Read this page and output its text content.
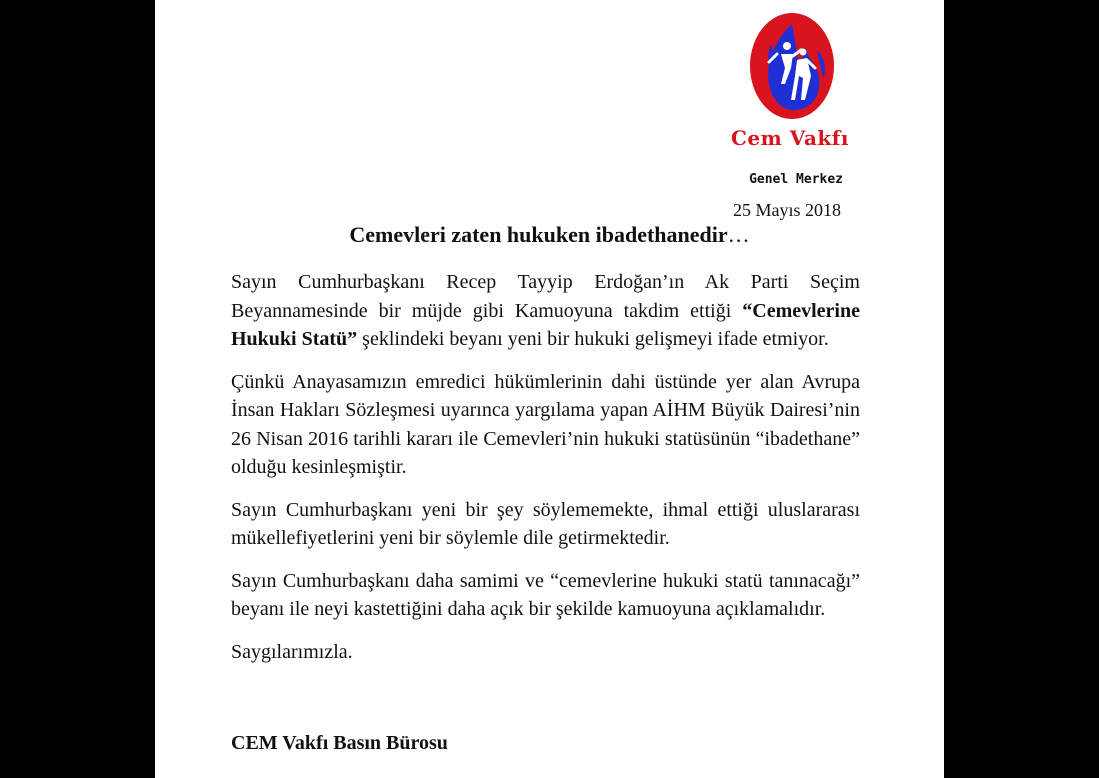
Cem Vakfı
Genel Merkez
25 Mayıs 2018
Cemevleri zaten hukuken ibadethanedir…

Sayın Cumhurbaşkanı Recep Tayyip Erdoğan’ın Ak Parti Seçim Beyannamesinde bir müjde gibi Kamuoyuna takdim ettiği “Cemevlerine Hukuki Statü” şeklindeki beyanı yeni bir hukuki gelişmeyi ifade etmiyor.

Çünkü Anayasamızın emredici hükümlerinin dahi üstünde yer alan Avrupa İnsan Hakları Sözleşmesi uyarınca yargılama yapan AİHM Büyük Dairesi’nin 26 Nisan 2016 tarihli kararı ile Cemevleri’nin hukuki statüsünün “ibadethane” olduğu kesinleşmiştir.

Sayın Cumhurbaşkanı yeni bir şey söylememekte, ihmal ettiği uluslararası mükellefiyetlerini yeni bir söylemle dile getirmektedir.

Sayın Cumhurbaşkanı daha samimi ve “cemevlerine hukuki statü tanınacağı” beyanı ile neyi kastettiğini daha açık bir şekilde kamuoyuna açıklamalıdır.

Saygılarımızla.

CEM Vakfı Basın Bürosu
